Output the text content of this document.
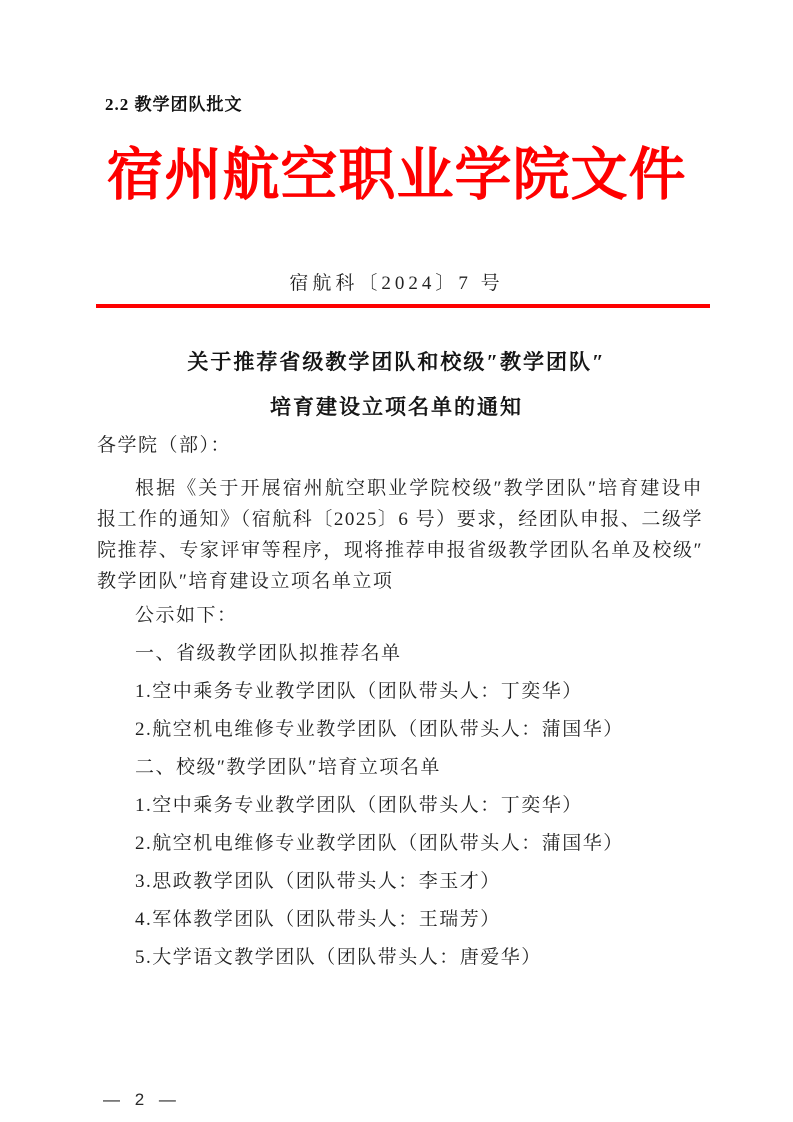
2.2 教学团队批文
宿州航空职业学院文件
宿航科〔2024〕7 号
关于推荐省级教学团队和校级″教学团队″
培育建设立项名单的通知

各学院（部）：

根据《关于开展宿州航空职业学院校级″教学团队″培育建设申报工作的通知》（宿航科〔2025〕6 号）要求，经团队申报、二级学院推荐、专家评审等程序，现将推荐申报省级教学团队名单及校级″教学团队″培育建设立项名单立项

公示如下：

一、省级教学团队拟推荐名单

1.空中乘务专业教学团队（团队带头人：丁奕华）

2.航空机电维修专业教学团队（团队带头人：蒲国华）

二、校级″教学团队″培育立项名单

1.空中乘务专业教学团队（团队带头人：丁奕华）

2.航空机电维修专业教学团队（团队带头人：蒲国华）

3.思政教学团队（团队带头人：李玉才）

4.军体教学团队（团队带头人：王瑞芳）

5.大学语文教学团队（团队带头人：唐爱华）

— 2 —
